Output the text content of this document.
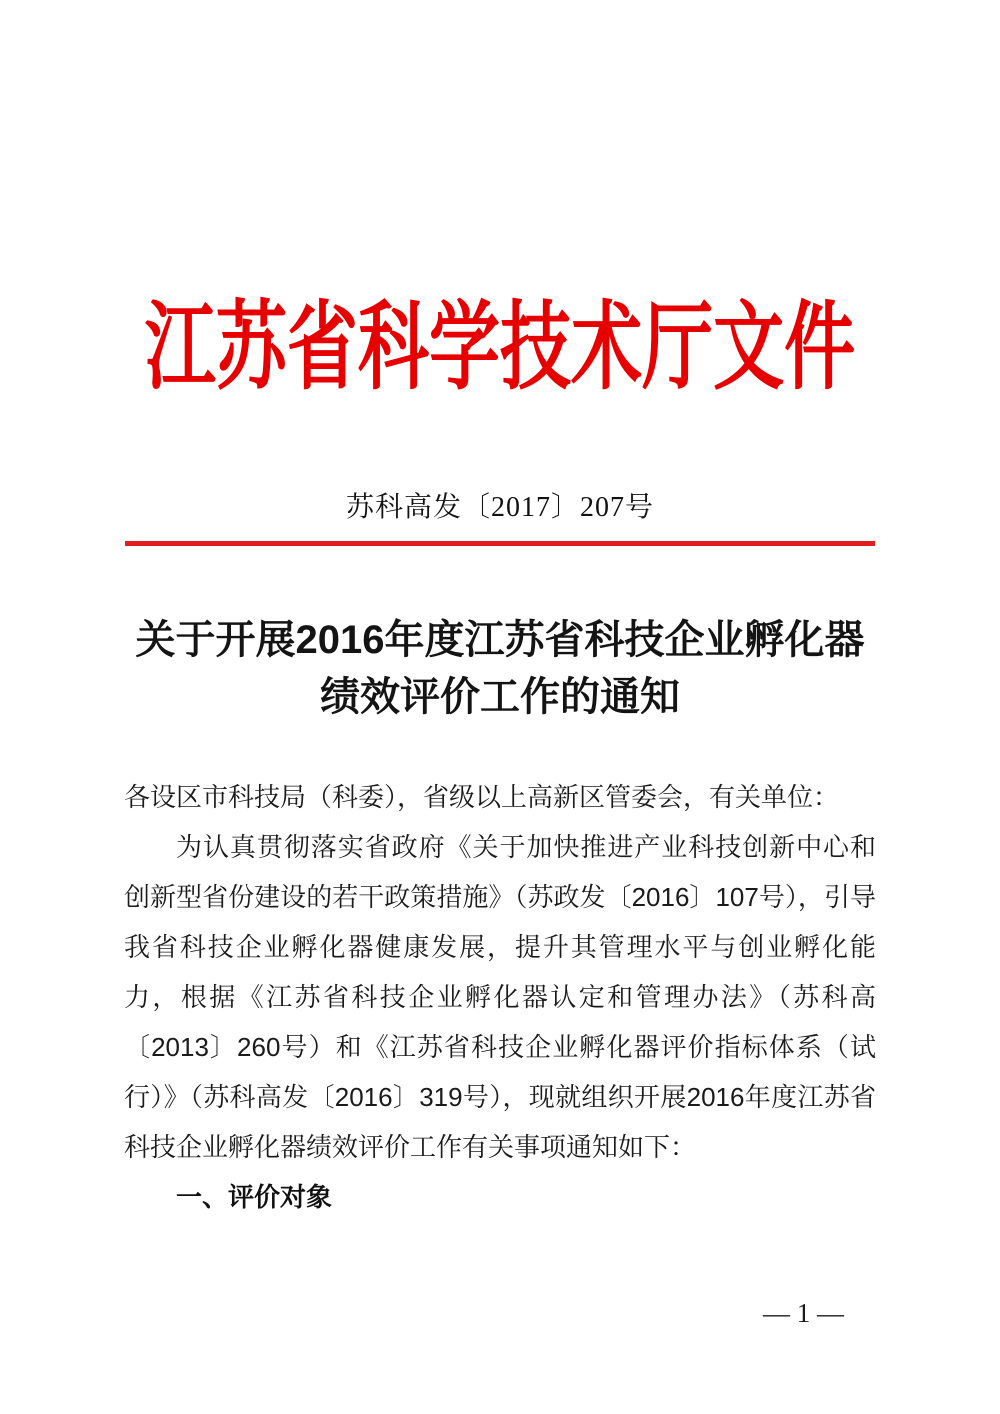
江苏省科学技术厅文件
苏科高发〔2017〕207号
关于开展2016年度江苏省科技企业孵化器
绩效评价工作的通知

各设区市科技局（科委），省级以上高新区管委会，有关单位：

为认真贯彻落实省政府《关于加快推进产业科技创新中心和创新型省份建设的若干政策措施》（苏政发〔2016〕107号），引导我省科技企业孵化器健康发展，提升其管理水平与创业孵化能力，根据《江苏省科技企业孵化器认定和管理办法》（苏科高〔2013〕260号）和《江苏省科技企业孵化器评价指标体系（试行）》（苏科高发〔2016〕319号），现就组织开展2016年度江苏省科技企业孵化器绩效评价工作有关事项通知如下：

一、评价对象

— 1 —
